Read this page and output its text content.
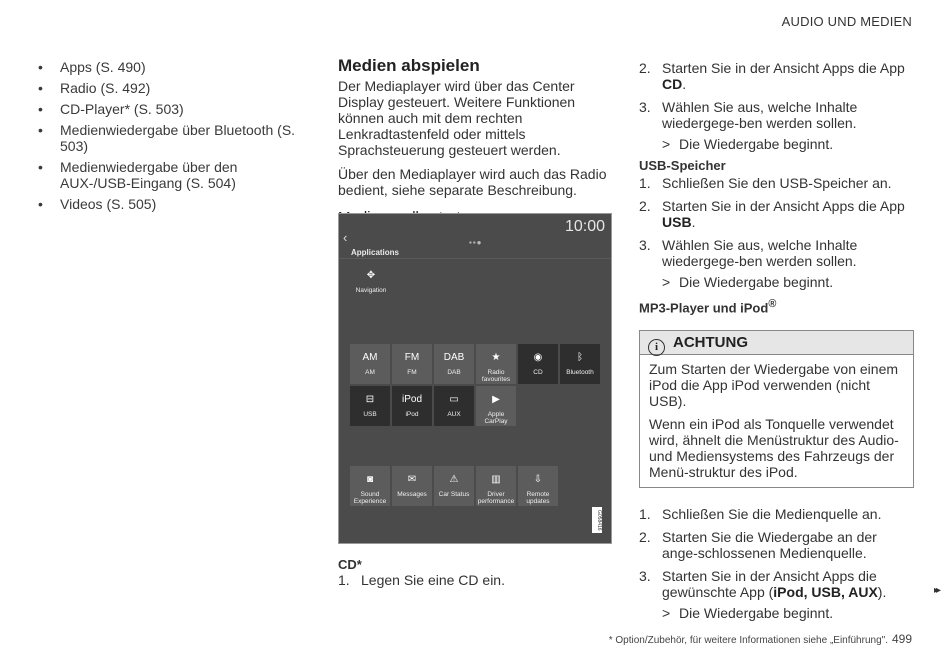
AUDIO UND MEDIEN
• Apps (S. 490)
• Radio (S. 492)
• CD-Player* (S. 503)
• Medienwiedergabe über Bluetooth (S. 503)
• Medienwiedergabe über den AUX-/USB-Eingang (S. 504)
• Videos (S. 505)
Medien abspielen

Der Mediaplayer wird über das Center Display gesteuert. Weitere Funktionen können auch mit dem rechten Lenkradtastenfeld oder mittels Sprachsteuerung gesteuert werden.

Über den Mediaplayer wird auch das Radio bedient, siehe separate Beschreibung.

10:00
‹	▪▪●
Applications
✥
Navigation
AM
AM
FM
FM
DAB
DAB
★
Radio favourites
◉
CD
ᛒ
Bluetooth
⊟
USB
iPod
iPod
▭
AUX
▶
Apple CarPlay
◙
Sound Experience
✉
Messages
⚠
Car Status
▥
Driver performance
⇩
Remote updates
G058416
CD*
1. Legen Sie eine CD ein.
2. Starten Sie in der Ansicht Apps die App CD.
3. Wählen Sie aus, welche Inhalte wiedergege-ben werden sollen.
> Die Wiedergabe beginnt.
USB-Speicher
1. Schließen Sie den USB-Speicher an.
2. Starten Sie in der Ansicht Apps die App USB.
3. Wählen Sie aus, welche Inhalte wiedergege-ben werden sollen.
> Die Wiedergabe beginnt.
MP3-Player und iPod®
i ACHTUNG

Zum Starten der Wiedergabe von einem iPod die App iPod verwenden (nicht USB).

Wenn ein iPod als Tonquelle verwendet wird, ähnelt die Menüstruktur des Audio- und Mediensystems des Fahrzeugs der Menü-struktur des iPod.

1. Schließen Sie die Medienquelle an.
2. Starten Sie die Wiedergabe an der ange-schlossenen Medienquelle.
3. Starten Sie in der Ansicht Apps die gewünschte App (iPod, USB, AUX).
> Die Wiedergabe beginnt.
▸▸
* Option/Zubehör, für weitere Informationen siehe „Einführung". 499
